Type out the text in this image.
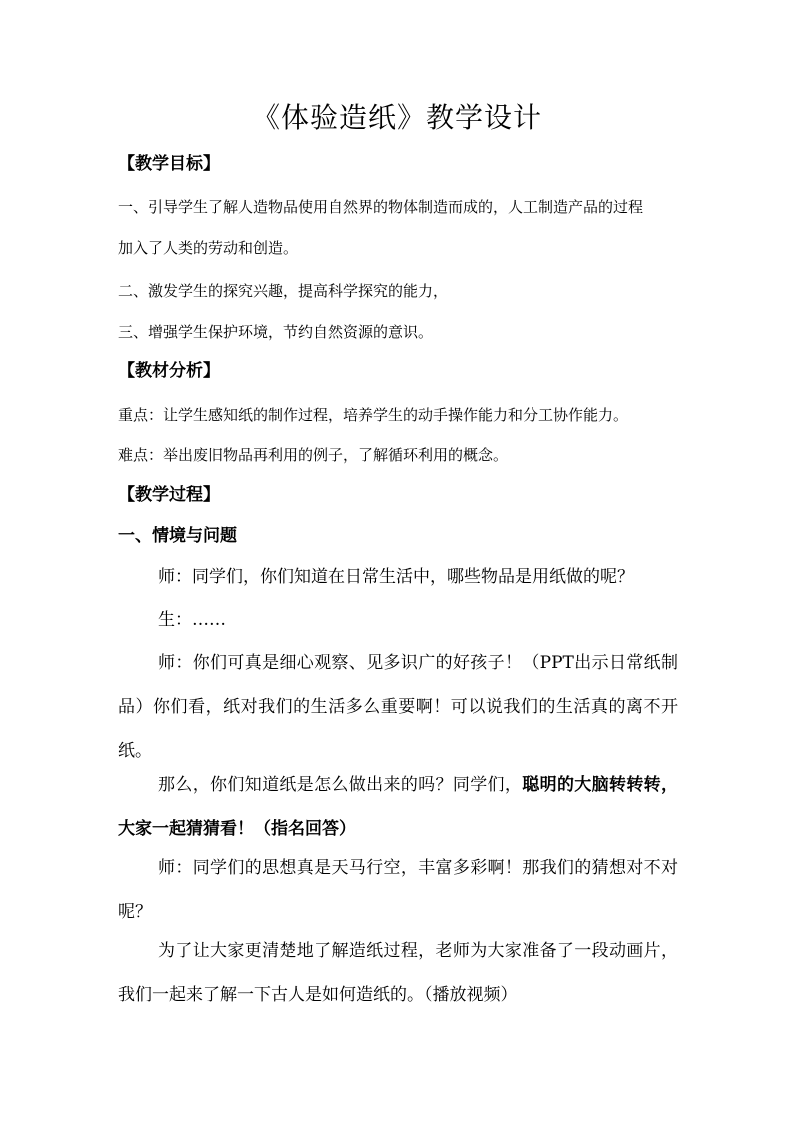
《体验造纸》教学设计
【教学目标】
一、引导学生了解人造物品使用自然界的物体制造而成的，人工制造产品的过程
加入了人类的劳动和创造。
二、激发学生的探究兴趣，提高科学探究的能力，
三、增强学生保护环境，节约自然资源的意识。
【教材分析】
重点：让学生感知纸的制作过程，培养学生的动手操作能力和分工协作能力。
难点：举出废旧物品再利用的例子，了解循环利用的概念。
【教学过程】
一、情境与问题
师：同学们，你们知道在日常生活中，哪些物品是用纸做的呢？
生：……
师：你们可真是细心观察、见多识广的好孩子！（PPT出示日常纸制品）你们看，纸对我们的生活多么重要啊！可以说我们的生活真的离不开纸。
那么，你们知道纸是怎么做出来的吗？同学们，聪明的大脑转转转，大家一起猜猜看！（指名回答）
师：同学们的思想真是天马行空，丰富多彩啊！那我们的猜想对不对呢？
为了让大家更清楚地了解造纸过程，老师为大家准备了一段动画片，我们一起来了解一下古人是如何造纸的。（播放视频）
